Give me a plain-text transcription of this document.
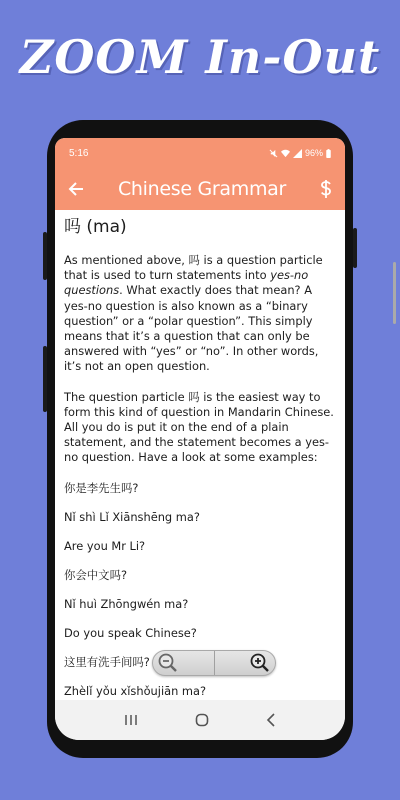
ZOOM In-Out
5:16	96%
Chinese Grammar
吗 (ma)

As mentioned above, 吗 is a question particle that is used to turn statements into yes-no questions. What exactly does that mean? A yes-no question is also known as a “binary question” or a “polar question”. This simply means that it’s a question that can only be answered with “yes” or “no”. In other words, it’s not an open question.

The question particle 吗 is the easiest way to form this kind of question in Mandarin Chinese. All you do is put it on the end of a plain statement, and the statement becomes a yes-no question. Have a look at some examples:

你是李先生吗?

Nǐ shì Lǐ Xiānshēng ma?

Are you Mr Li?

你会中文吗?

Nǐ huì Zhōngwén ma?

Do you speak Chinese?

这里有洗手间吗?

Zhèlǐ yǒu xǐshǒujiān ma?
